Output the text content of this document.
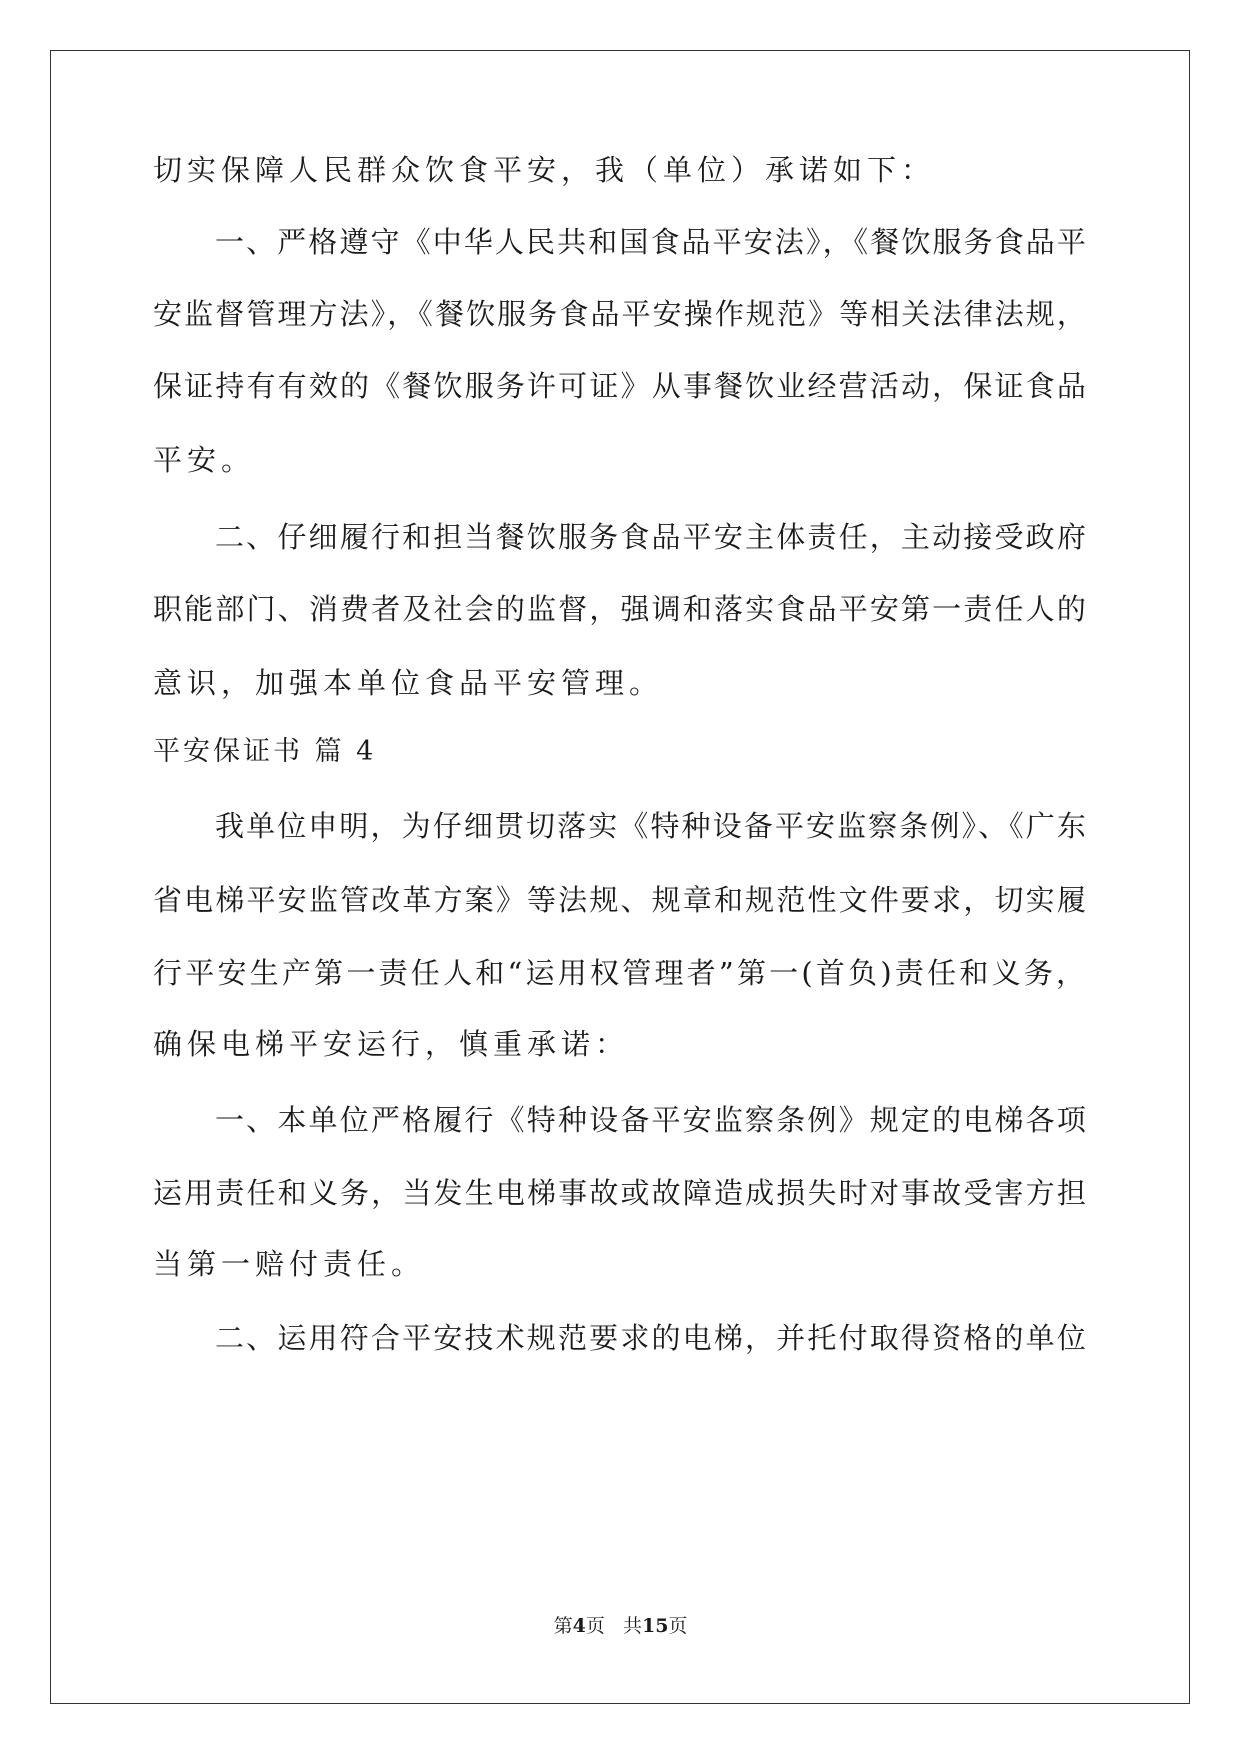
切实保障人民群众饮食平安，我（单位）承诺如下：
一、严格遵守《中华人民共和国食品平安法》，《餐饮服务食品平
安监督管理方法》，《餐饮服务食品平安操作规范》等相关法律法规，
保证持有有效的《餐饮服务许可证》从事餐饮业经营活动，保证食品
平安。
二、仔细履行和担当餐饮服务食品平安主体责任，主动接受政府
职能部门、消费者及社会的监督，强调和落实食品平安第一责任人的
意识，加强本单位食品平安管理。
平安保证书 篇 4
我单位申明，为仔细贯切落实《特种设备平安监察条例》、《广东
省电梯平安监管改革方案》等法规、规章和规范性文件要求，切实履
行平安生产第一责任人和“运用权管理者”第一(首负)责任和义务，
确保电梯平安运行，慎重承诺：
一、本单位严格履行《特种设备平安监察条例》规定的电梯各项
运用责任和义务，当发生电梯事故或故障造成损失时对事故受害方担
当第一赔付责任。
二、运用符合平安技术规范要求的电梯，并托付取得资格的单位
第4页 共15页
